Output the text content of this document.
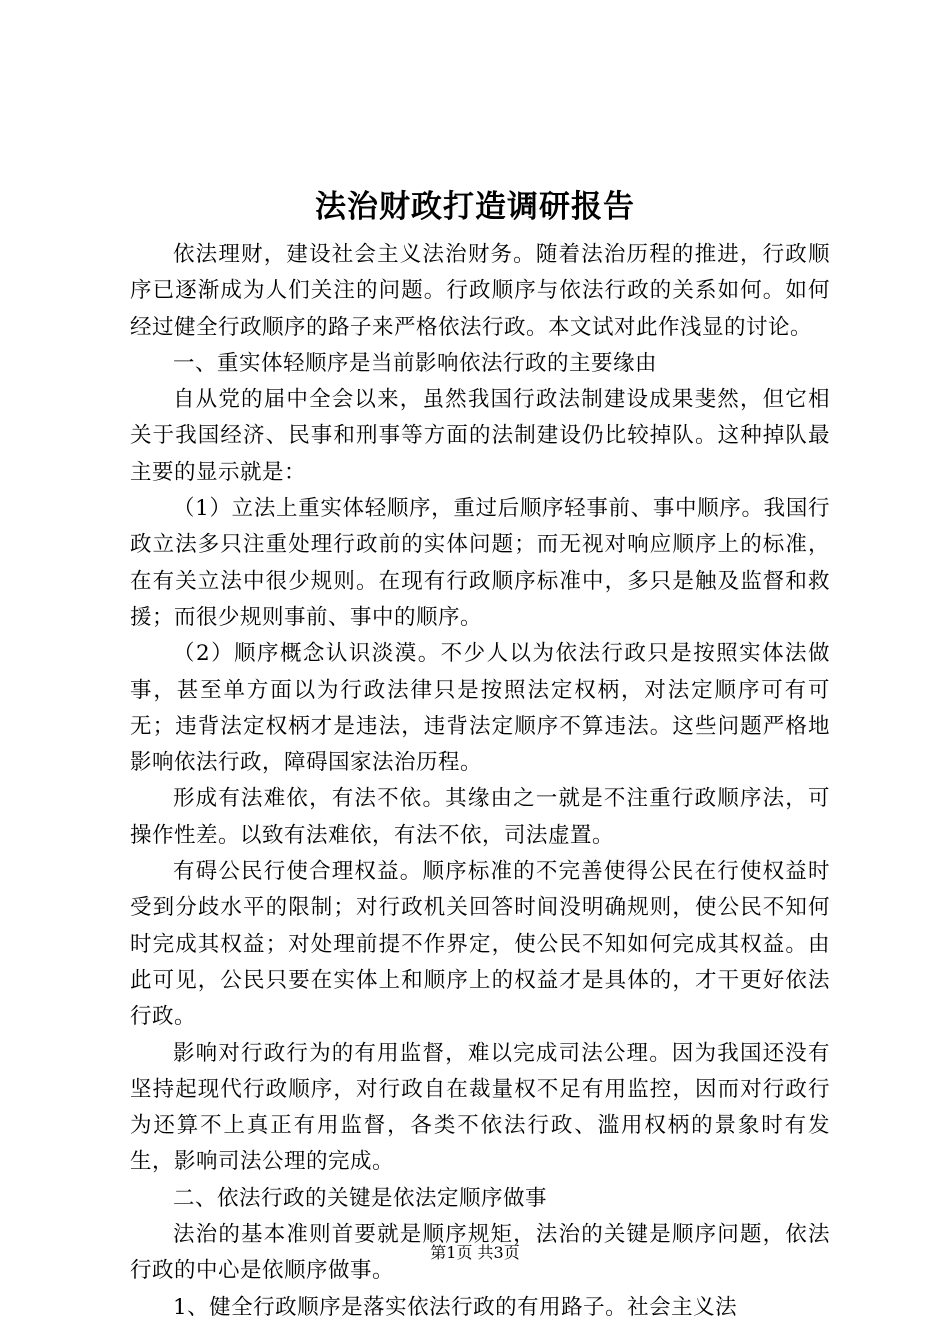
法治财政打造调研报告

依法理财，建设社会主义法治财务。随着法治历程的推进，行政顺序已逐渐成为人们关注的问题。行政顺序与依法行政的关系如何。如何经过健全行政顺序的路子来严格依法行政。本文试对此作浅显的讨论。

一、重实体轻顺序是当前影响依法行政的主要缘由

自从党的届中全会以来，虽然我国行政法制建设成果斐然，但它相关于我国经济、民事和刑事等方面的法制建设仍比较掉队。这种掉队最主要的显示就是：

（1）立法上重实体轻顺序，重过后顺序轻事前、事中顺序。我国行政立法多只注重处理行政前的实体问题；而无视对响应顺序上的标准，在有关立法中很少规则。在现有行政顺序标准中，多只是触及监督和救援；而很少规则事前、事中的顺序。

（2）顺序概念认识淡漠。不少人以为依法行政只是按照实体法做事，甚至单方面以为行政法律只是按照法定权柄，对法定顺序可有可无；违背法定权柄才是违法，违背法定顺序不算违法。这些问题严格地影响依法行政，障碍国家法治历程。

形成有法难依，有法不依。其缘由之一就是不注重行政顺序法，可操作性差。以致有法难依，有法不依，司法虚置。

有碍公民行使合理权益。顺序标准的不完善使得公民在行使权益时受到分歧水平的限制；对行政机关回答时间没明确规则，使公民不知何时完成其权益；对处理前提不作界定，使公民不知如何完成其权益。由此可见，公民只要在实体上和顺序上的权益才是具体的，才干更好依法行政。

影响对行政行为的有用监督，难以完成司法公理。因为我国还没有坚持起现代行政顺序，对行政自在裁量权不足有用监控，因而对行政行为还算不上真正有用监督，各类不依法行政、滥用权柄的景象时有发生，影响司法公理的完成。

二、依法行政的关键是依法定顺序做事

法治的基本准则首要就是顺序规矩，法治的关键是顺序问题，依法行政的中心是依顺序做事。

1、健全行政顺序是落实依法行政的有用路子。社会主义法

第1页 共3页
